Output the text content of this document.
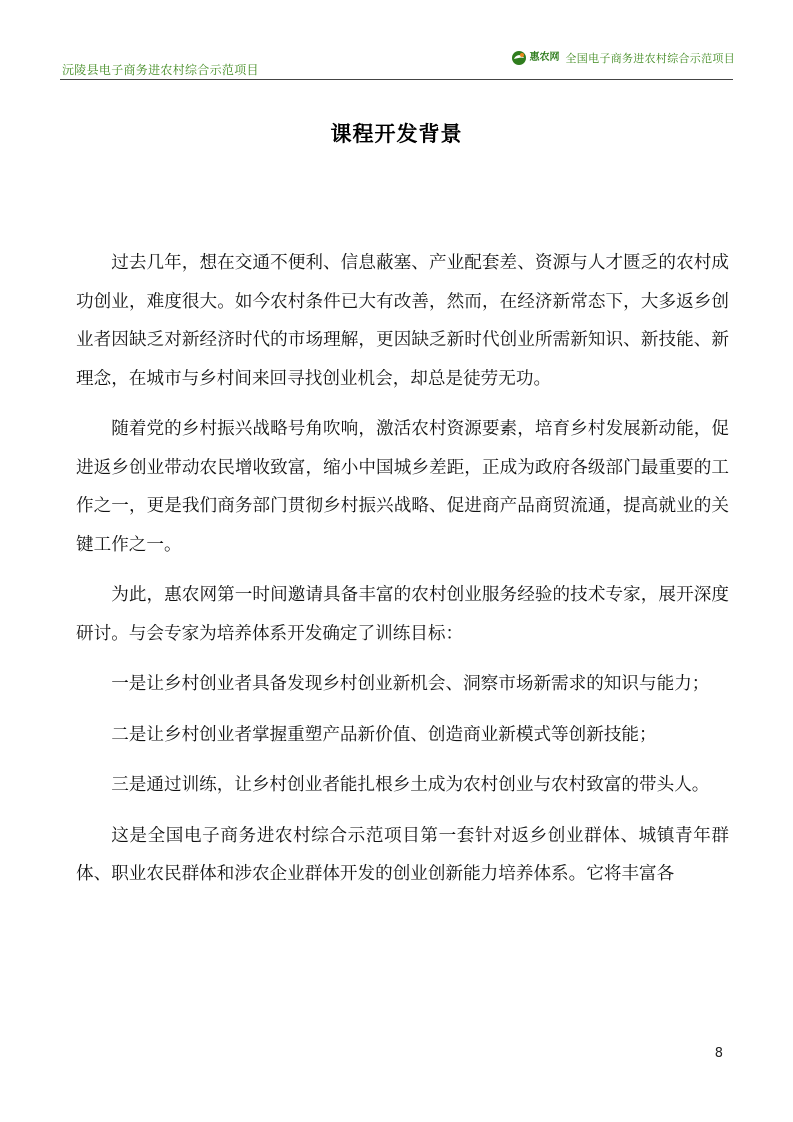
沅陵县电子商务进农村综合示范项目
惠农网 全国电子商务进农村综合示范项目
课程开发背景

过去几年，想在交通不便利、信息蔽塞、产业配套差、资源与人才匮乏的农村成功创业，难度很大。如今农村条件已大有改善，然而，在经济新常态下，大多返乡创业者因缺乏对新经济时代的市场理解，更因缺乏新时代创业所需新知识、新技能、新理念，在城市与乡村间来回寻找创业机会，却总是徒劳无功。

随着党的乡村振兴战略号角吹响，激活农村资源要素，培育乡村发展新动能，促进返乡创业带动农民增收致富，缩小中国城乡差距，正成为政府各级部门最重要的工作之一，更是我们商务部门贯彻乡村振兴战略、促进商产品商贸流通，提高就业的关键工作之一。

为此，惠农网第一时间邀请具备丰富的农村创业服务经验的技术专家，展开深度研讨。与会专家为培养体系开发确定了训练目标：

一是让乡村创业者具备发现乡村创业新机会、洞察市场新需求的知识与能力；

二是让乡村创业者掌握重塑产品新价值、创造商业新模式等创新技能；

三是通过训练，让乡村创业者能扎根乡土成为农村创业与农村致富的带头人。

这是全国电子商务进农村综合示范项目第一套针对返乡创业群体、城镇青年群体、职业农民群体和涉农企业群体开发的创业创新能力培养体系。它将丰富各

8
